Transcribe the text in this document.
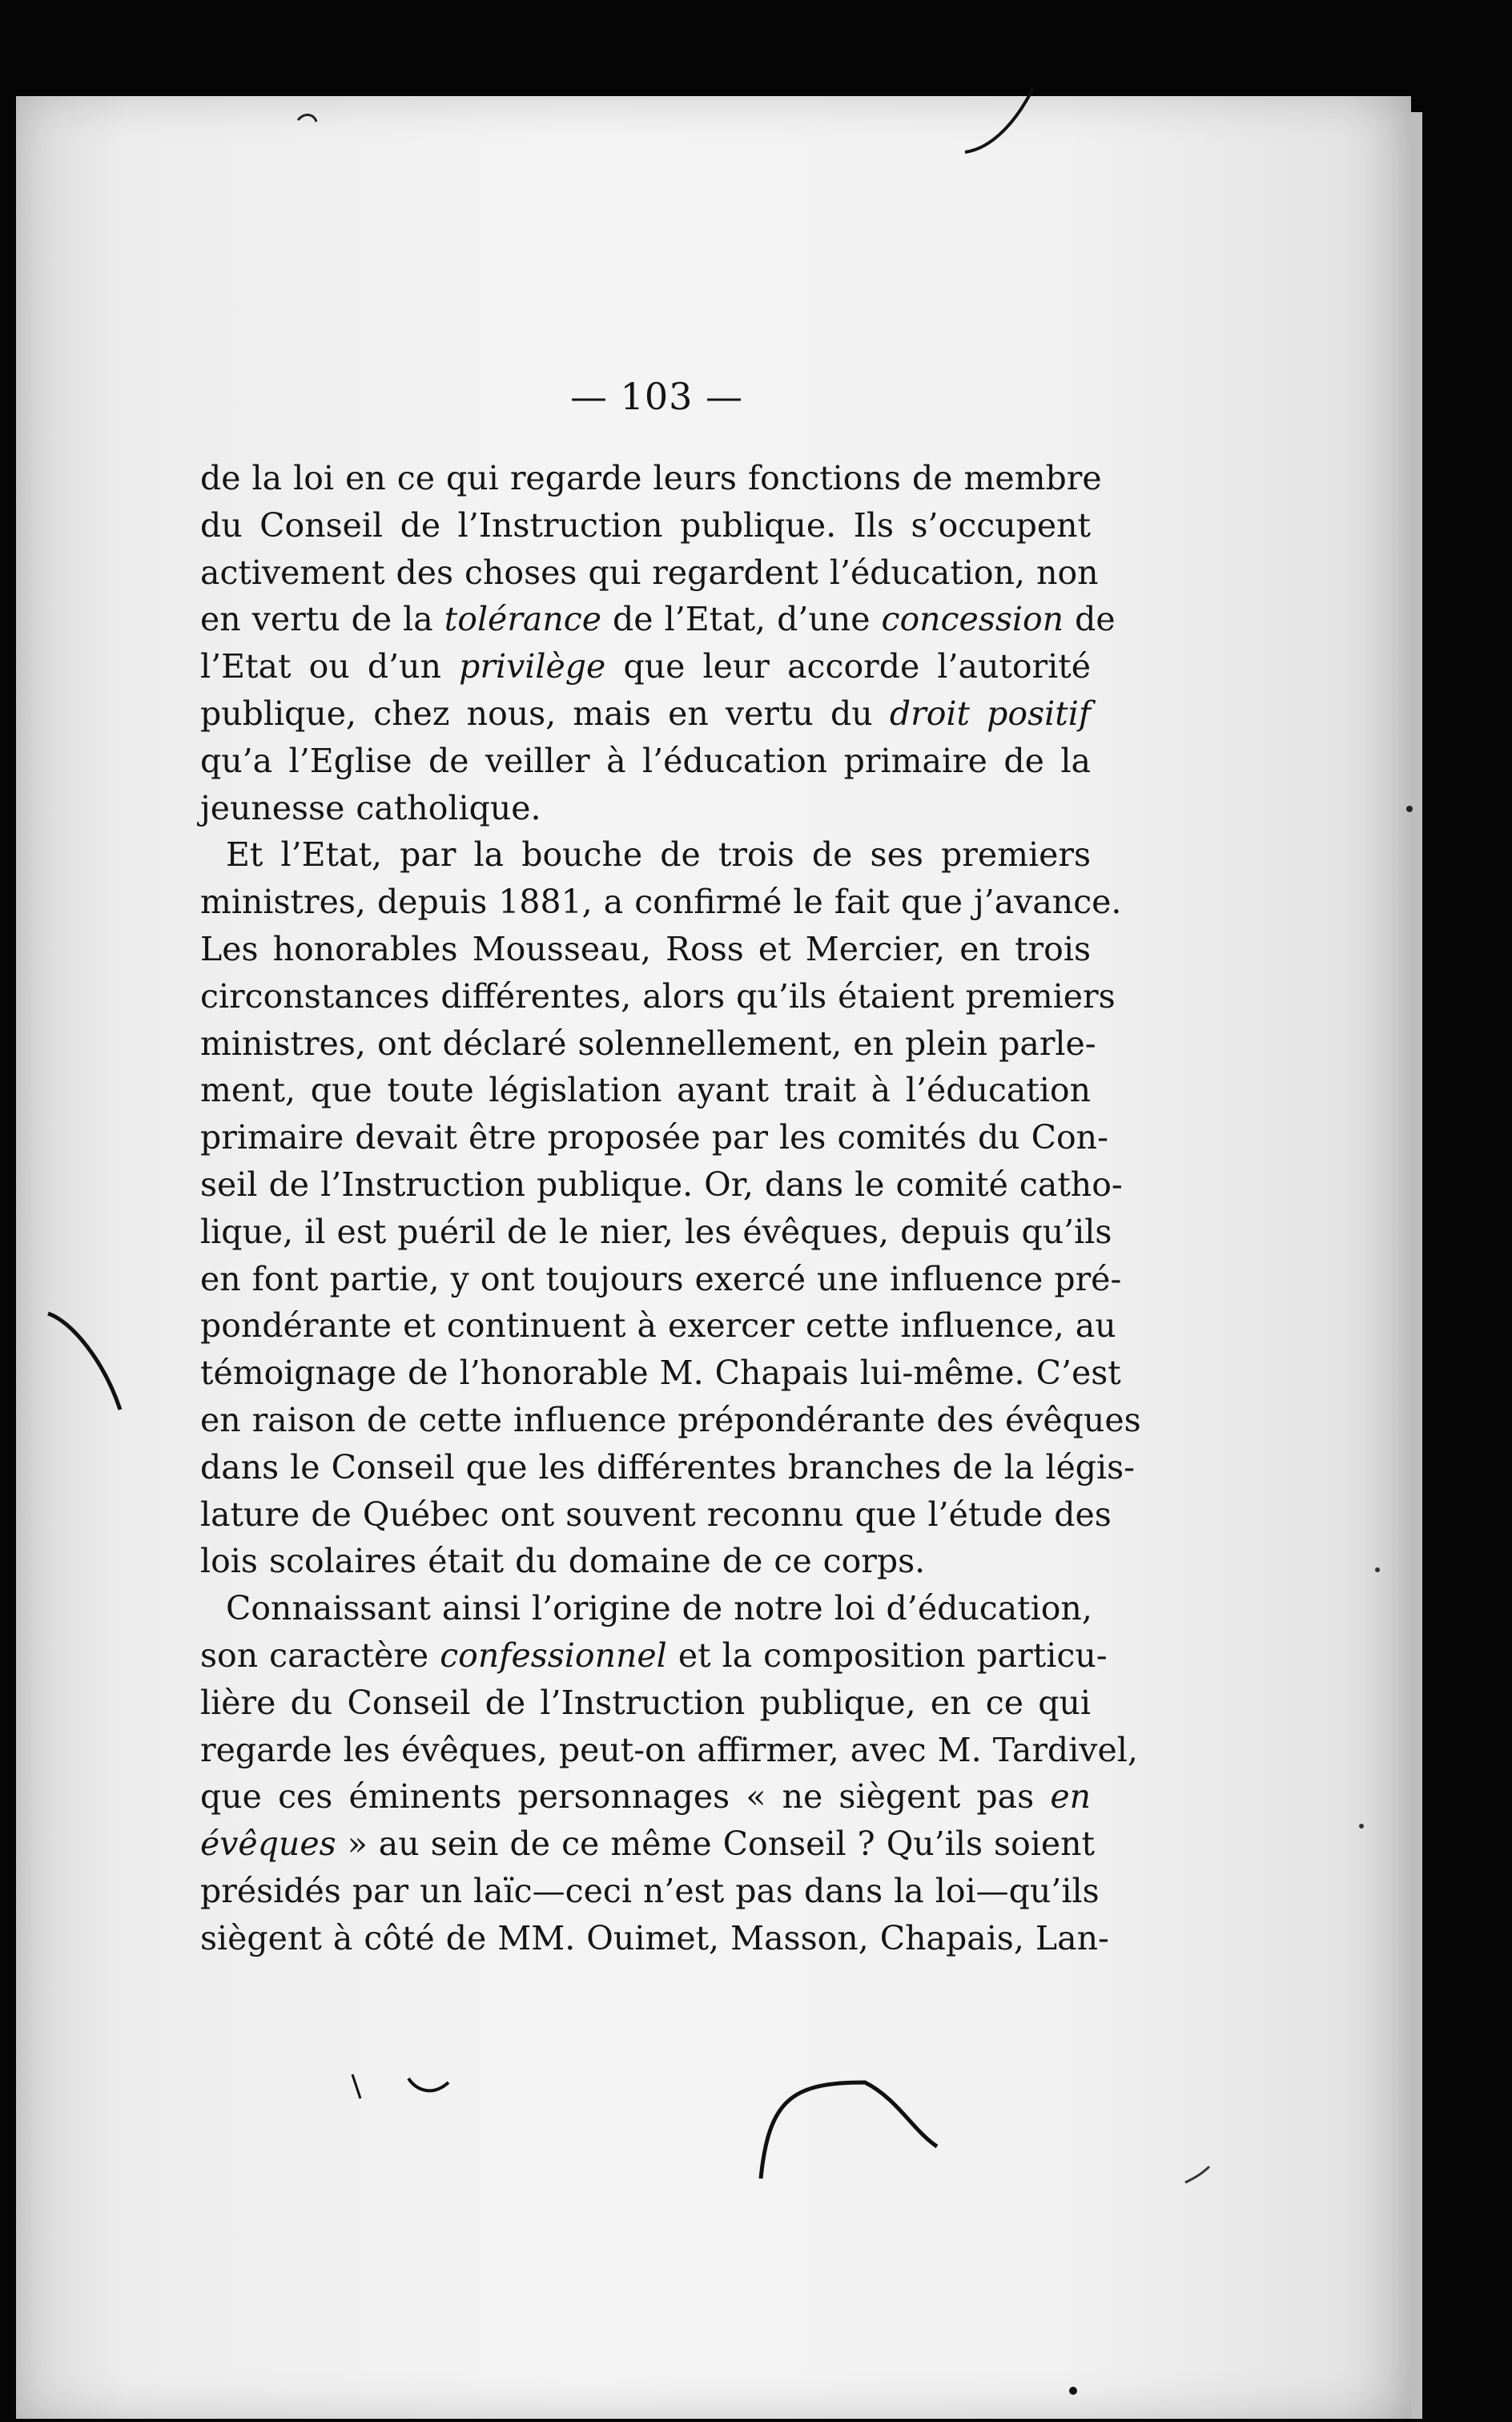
— 103 —
de la loi en ce qui regarde leurs fonctions de membre
du Conseil de l’Instruction publique. Ils s’occupent
activement des choses qui regardent l’éducation, non
en vertu de la tolérance de l’Etat, d’une concession de
l’Etat ou d’un privilège que leur accorde l’autorité
publique, chez nous, mais en vertu du droit positif
qu’a l’Eglise de veiller à l’éducation primaire de la
jeunesse catholique.
Et l’Etat, par la bouche de trois de ses premiers
ministres, depuis 1881, a confirmé le fait que j’avance.
Les honorables Mousseau, Ross et Mercier, en trois
circonstances différentes, alors qu’ils étaient premiers
ministres, ont déclaré solennellement, en plein parle-
ment, que toute législation ayant trait à l’éducation
primaire devait être proposée par les comités du Con-
seil de l’Instruction publique. Or, dans le comité catho-
lique, il est puéril de le nier, les évêques, depuis qu’ils
en font partie, y ont toujours exercé une influence pré-
pondérante et continuent à exercer cette influence, au
témoignage de l’honorable M. Chapais lui-même. C’est
en raison de cette influence prépondérante des évêques
dans le Conseil que les différentes branches de la légis-
lature de Québec ont souvent reconnu que l’étude des
lois scolaires était du domaine de ce corps.
Connaissant ainsi l’origine de notre loi d’éducation,
son caractère confessionnel et la composition particu-
lière du Conseil de l’Instruction publique, en ce qui
regarde les évêques, peut-on affirmer, avec M. Tardivel,
que ces éminents personnages « ne siègent pas en
évêques » au sein de ce même Conseil ? Qu’ils soient
présidés par un laïc—ceci n’est pas dans la loi—qu’ils
siègent à côté de MM. Ouimet, Masson, Chapais, Lan-
